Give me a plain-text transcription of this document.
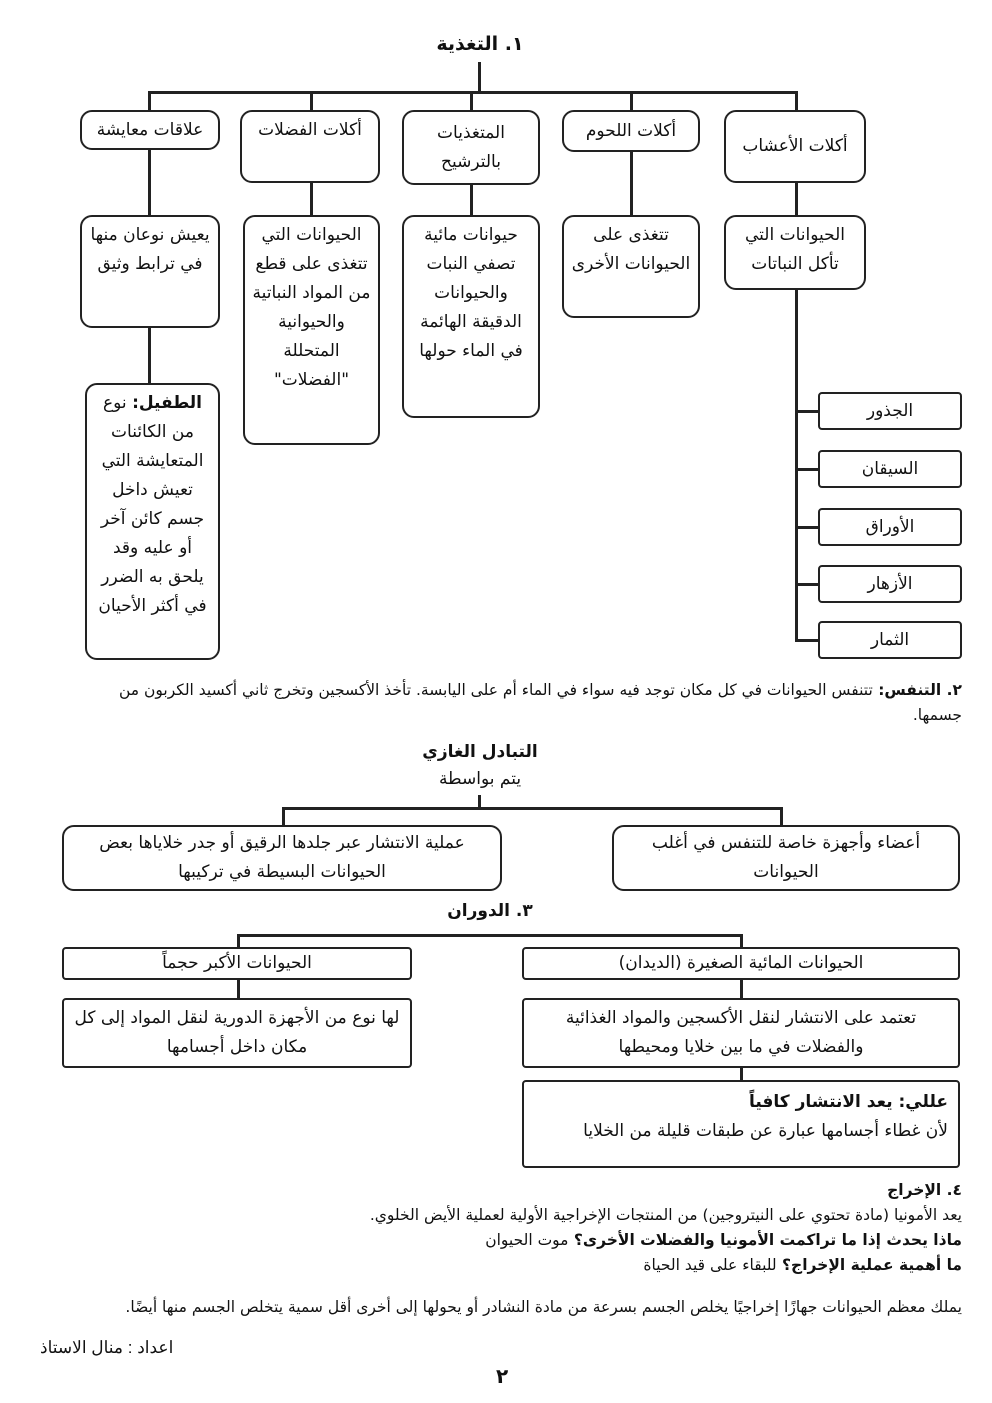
١. التغذية
أكلات الأعشاب
أكلات اللحوم
المتغذيات بالترشيح
أكلات الفضلات
علاقات معايشة
الحيوانات التي تأكل النباتات
تتغذى على الحيوانات الأخرى
حيوانات مائية تصفي النبات والحيوانات الدقيقة الهائمة في الماء حولها
الحيوانات التي تتغذى على قطع من المواد النباتية والحيوانية المتحللة "الفضلات"
يعيش نوعان منها في ترابط وثيق
الطفيل: نوع من الكائنات المتعايشة التي تعيش داخل جسم كائن آخر أو عليه وقد يلحق به الضرر في أكثر الأحيان
الجذور
السيقان
الأوراق
الأزهار
الثمار
٢. التنفس: تتنفس الحيوانات في كل مكان توجد فيه سواء في الماء أم على اليابسة. تأخذ الأكسجين وتخرج ثاني أكسيد الكربون من جسمها.
التبادل الغازي
يتم بواسطة
أعضاء وأجهزة خاصة للتنفس في أغلب الحيوانات
عملية الانتشار عبر جلدها الرقيق أو جدر خلاياها بعض الحيوانات البسيطة في تركيبها
٣. الدوران
الحيوانات المائية الصغيرة (الديدان)
الحيوانات الأكبر حجماً
تعتمد على الانتشار لنقل الأكسجين والمواد الغذائية والفضلات في ما بين خلايا ومحيطها
لها نوع من الأجهزة الدورية لنقل المواد إلى كل مكان داخل أجسامها
عللي: يعد الانتشار كافياً
لأن غطاء أجسامها عبارة عن طبقات قليلة من الخلايا
٤. الإخراج
يعد الأمونيا (مادة تحتوي على النيتروجين) من المنتجات الإخراجية الأولية لعملية الأيض الخلوي.
ماذا يحدث إذا ما تراكمت الأمونيا والفضلات الأخرى؟ موت الحيوان
ما أهمية عملية الإخراج؟ للبقاء على قيد الحياة
يملك معظم الحيوانات جهازًا إخراجيًا يخلص الجسم بسرعة من مادة النشادر أو يحولها إلى أخرى أقل سمية يتخلص الجسم منها أيضًا.
اعداد : منال الاستاذ
٢
